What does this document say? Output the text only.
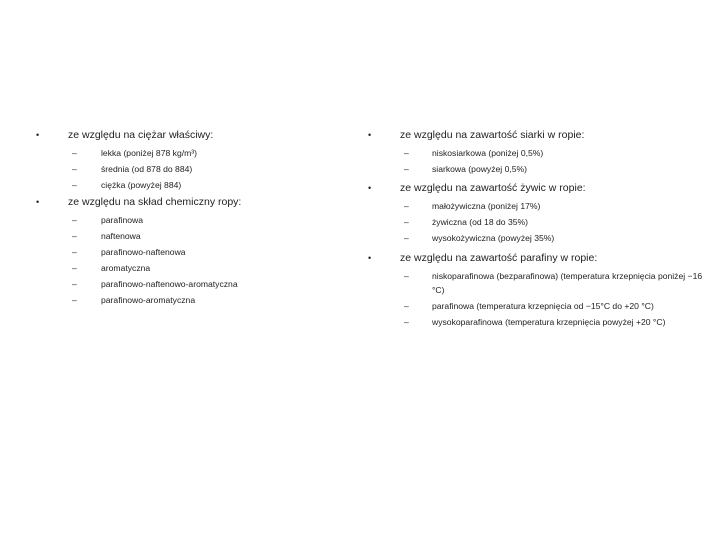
•	ze względu na ciężar właściwy:
–	lekka (poniżej 878 kg/m³)
–	średnia (od 878 do 884)
–	ciężka (powyżej 884)
•	ze względu na skład chemiczny ropy:
–	parafinowa
–	naftenowa
–	parafinowo-naftenowa
–	aromatyczna
–	parafinowo-naftenowo-aromatyczna
–	parafinowo-aromatyczna
•	ze względu na zawartość siarki w ropie:
–	niskosiarkowa (poniżej 0,5%)
–	siarkowa (powyżej 0,5%)
•	ze względu na zawartość żywic w ropie:
–	małożywiczna (poniżej 17%)
–	żywiczna (od 18 do 35%)
–	wysokożywiczna (powyżej 35%)
•	ze względu na zawartość parafiny w ropie:
–	niskoparafinowa (bezparafinowa) (temperatura krzepnięcia poniżej −16 °C)
–	parafinowa (temperatura krzepnięcia od −15°C do +20 °C)
–	wysokoparafinowa (temperatura krzepnięcia powyżej +20 °C)
